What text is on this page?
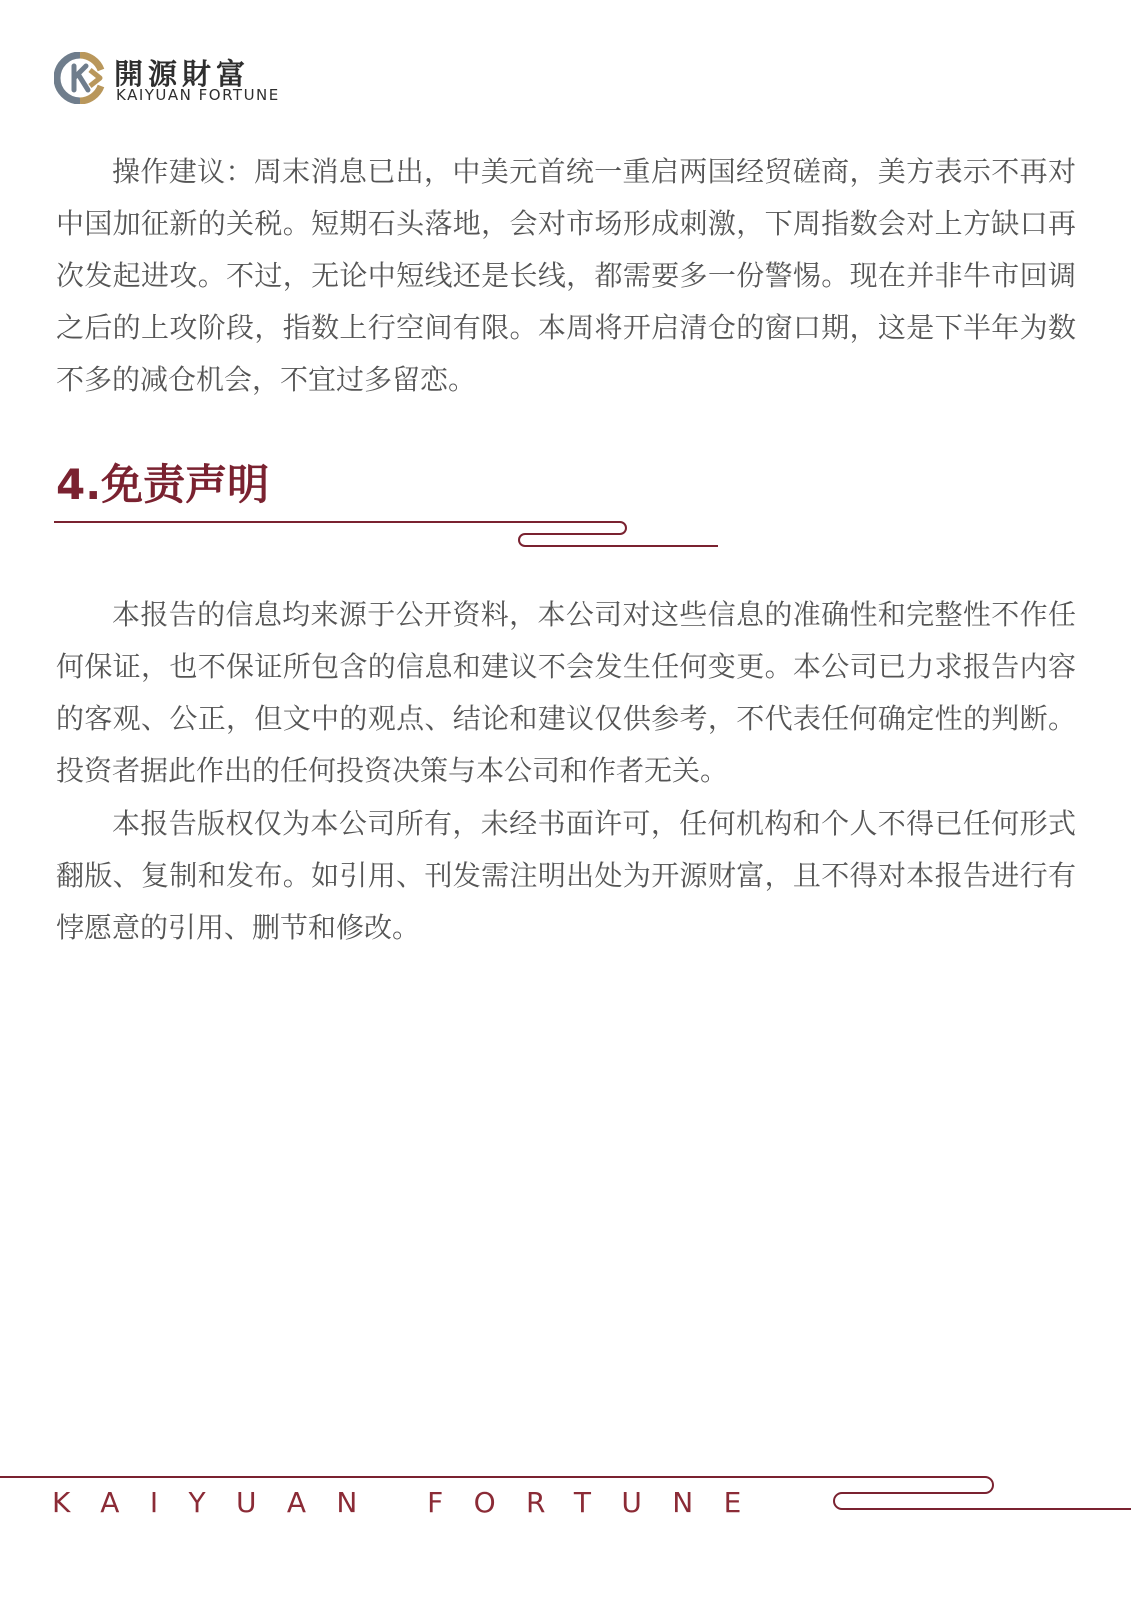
開源財富
KAIYUAN FORTUNE

操作建议：周末消息已出，中美元首统一重启两国经贸磋商，美方表示不再对中国加征新的关税。短期石头落地，会对市场形成刺激，下周指数会对上方缺口再次发起进攻。不过，无论中短线还是长线，都需要多一份警惕。现在并非牛市回调之后的上攻阶段，指数上行空间有限。本周将开启清仓的窗口期，这是下半年为数不多的减仓机会，不宜过多留恋。

4.免责声明

本报告的信息均来源于公开资料，本公司对这些信息的准确性和完整性不作任何保证，也不保证所包含的信息和建议不会发生任何变更。本公司已力求报告内容的客观、公正，但文中的观点、结论和建议仅供参考，不代表任何确定性的判断。投资者据此作出的任何投资决策与本公司和作者无关。

本报告版权仅为本公司所有，未经书面许可，任何机构和个人不得已任何形式翻版、复制和发布。如引用、刊发需注明出处为开源财富，且不得对本报告进行有悖愿意的引用、删节和修改。

KAIYUAN FORTUNE
